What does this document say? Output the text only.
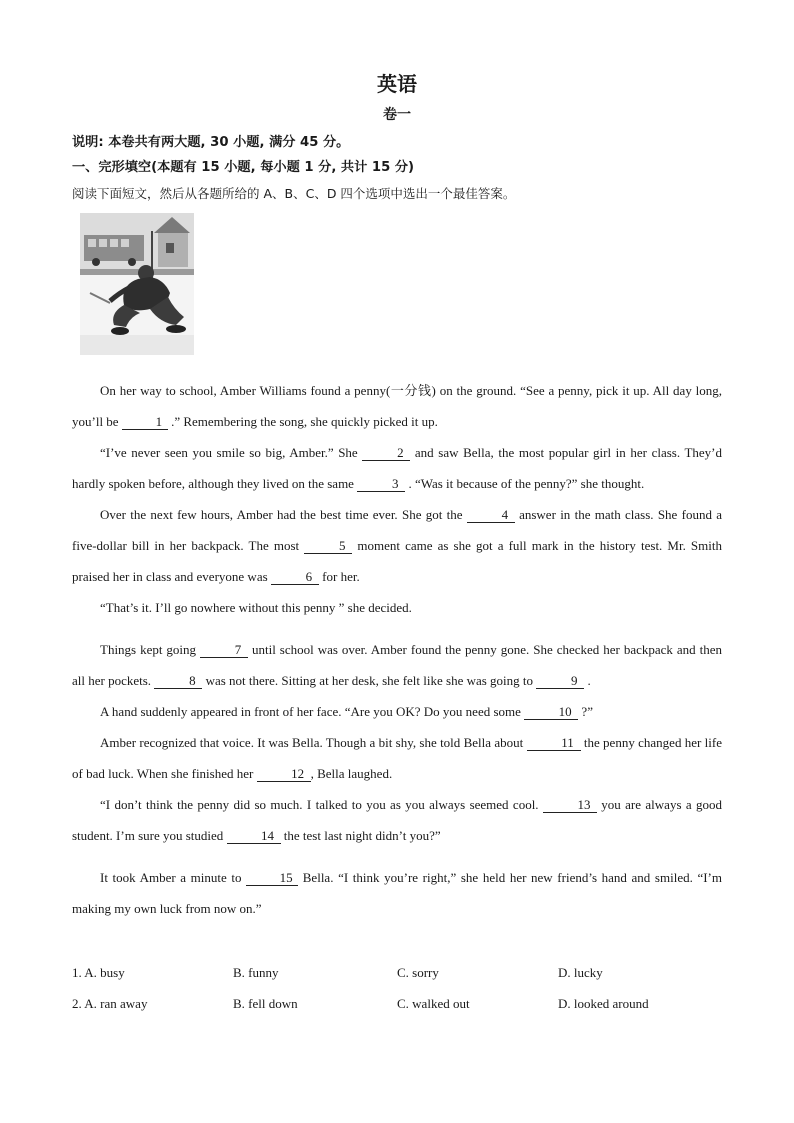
英语
卷一
说明: 本卷共有两大题, 30 小题, 满分 45 分。
一、完形填空(本题有 15 小题, 每小题 1 分, 共计 15 分)
阅读下面短文，然后从各题所给的 A、B、C、D 四个选项中选出一个最佳答案。

On her way to school, Amber Williams found a penny(一分钱) on the ground. “See a penny, pick it up. All day long, you’ll be	1 .” Remembering the song, she quickly picked it up.

“I’ve never seen you smile so big, Amber.” She	2 and saw Bella, the most popular girl in her class. They’d hardly spoken before, although they lived on the same	3 . “Was it because of the penny?” she thought.

Over the next few hours, Amber had the best time ever. She got the	4 answer in the math class. She found a five-dollar bill in her backpack. The most	5 moment came as she got a full mark in the history test. Mr. Smith praised her in class and everyone was	6 for her.

“That’s it. I’ll go nowhere without this penny ” she decided.

Things kept going	7 until school was over. Amber found the penny gone. She checked her backpack and then all her pockets.	8 was not there. Sitting at her desk, she felt like she was going to	9 .

A hand suddenly appeared in front of her face. “Are you OK? Do you need some	10 ?”

Amber recognized that voice. It was Bella. Though a bit shy, she told Bella about	11 the penny changed her life of bad luck. When she finished her	12 , Bella laughed.

“I don’t think the penny did so much. I talked to you as you always seemed cool.	13 you are always a good student. I’m sure you studied	14 the test last night didn’t you?”

It took Amber a minute to	15 Bella. “I think you’re right,” she held her new friend’s hand and smiled. “I’m making my own luck from now on.”

1. A. busy	B. funny	C. sorry	D. lucky
2. A. ran away	B. fell down	C. walked out	D. looked around
